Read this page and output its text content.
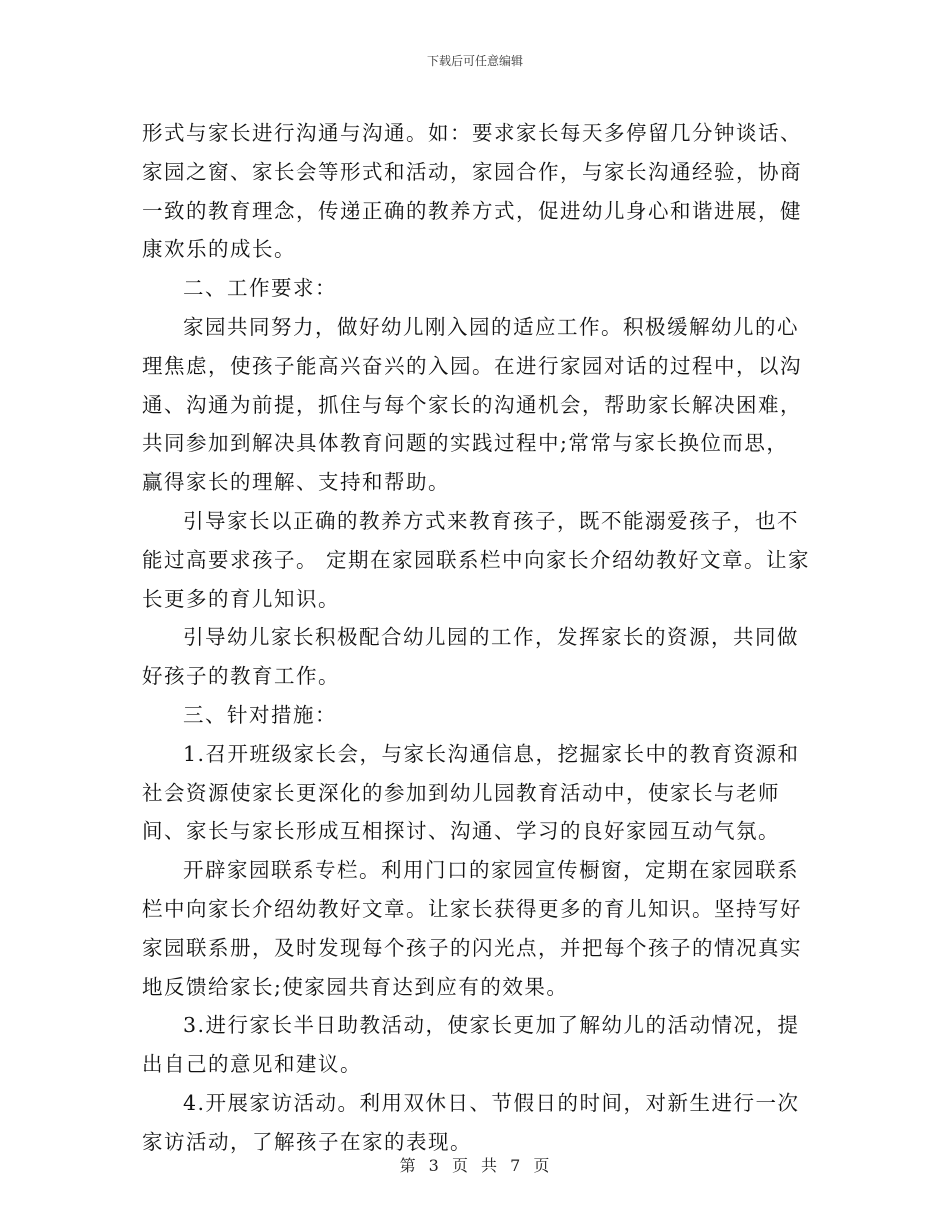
下载后可任意编辑

形式与家长进行沟通与沟通。如：要求家长每天多停留几分钟谈话、家园之窗、家长会等形式和活动，家园合作，与家长沟通经验，协商一致的教育理念，传递正确的教养方式，促进幼儿身心和谐进展，健康欢乐的成长。

二、工作要求：

家园共同努力，做好幼儿刚入园的适应工作。积极缓解幼儿的心理焦虑，使孩子能高兴奋兴的入园。在进行家园对话的过程中，以沟通、沟通为前提，抓住与每个家长的沟通机会，帮助家长解决困难，共同参加到解决具体教育问题的实践过程中;常常与家长换位而思，赢得家长的理解、支持和帮助。

引导家长以正确的教养方式来教育孩子，既不能溺爱孩子，也不能过高要求孩子。 定期在家园联系栏中向家长介绍幼教好文章。让家长更多的育儿知识。

引导幼儿家长积极配合幼儿园的工作，发挥家长的资源，共同做好孩子的教育工作。

三、针对措施：

1.召开班级家长会，与家长沟通信息，挖掘家长中的教育资源和社会资源使家长更深化的参加到幼儿园教育活动中，使家长与老师间、家长与家长形成互相探讨、沟通、学习的良好家园互动气氛。

开辟家园联系专栏。利用门口的家园宣传橱窗，定期在家园联系栏中向家长介绍幼教好文章。让家长获得更多的育儿知识。坚持写好家园联系册，及时发现每个孩子的闪光点，并把每个孩子的情况真实地反馈给家长;使家园共育达到应有的效果。

3.进行家长半日助教活动，使家长更加了解幼儿的活动情况，提出自己的意见和建议。

4.开展家访活动。利用双休日、节假日的时间，对新生进行一次家访活动，了解孩子在家的表现。

第 3 页 共 7 页
